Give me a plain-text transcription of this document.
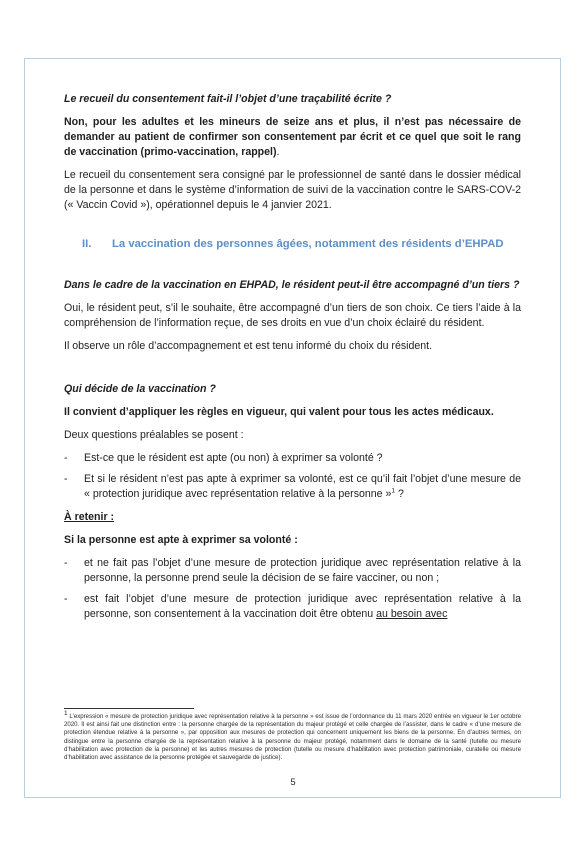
Le recueil du consentement fait-il l’objet d’une traçabilité écrite ?

Non, pour les adultes et les mineurs de seize ans et plus, il n’est pas nécessaire de demander au patient de confirmer son consentement par écrit et ce quel que soit le rang de vaccination (primo-vaccination, rappel).

Le recueil du consentement sera consigné par le professionnel de santé dans le dossier médical de la personne et dans le système d’information de suivi de la vaccination contre le SARS-COV-2 (« Vaccin Covid »), opérationnel depuis le 4 janvier 2021.

II.	La vaccination des personnes âgées, notamment des résidents d’EHPAD

Dans le cadre de la vaccination en EHPAD, le résident peut-il être accompagné d’un tiers ?

Oui, le résident peut, s’il le souhaite, être accompagné d’un tiers de son choix. Ce tiers l’aide à la compréhension de l’information reçue, de ses droits en vue d’un choix éclairé du résident.

Il observe un rôle d’accompagnement et est tenu informé du choix du résident.

Qui décide de la vaccination ?

Il convient d’appliquer les règles en vigueur, qui valent pour tous les actes médicaux.

Deux questions préalables se posent :

- Est-ce que le résident est apte (ou non) à exprimer sa volonté ?
- Et si le résident n’est pas apte à exprimer sa volonté, est ce qu’il fait l’objet d’une mesure de « protection juridique avec représentation relative à la personne »$^1$ ?

À retenir :

Si la personne est apte à exprimer sa volonté :

- et ne fait pas l’objet d’une mesure de protection juridique avec représentation relative à la personne, la personne prend seule la décision de se faire vacciner, ou non ;
- est fait l’objet d’une mesure de protection juridique avec représentation relative à la personne, son consentement à la vaccination doit être obtenu au besoin avec
$^1$ L’expression « mesure de protection juridique avec représentation relative à la personne » est issue de l’ordonnance du 11 mars 2020 entrée en vigueur le 1er octobre 2020. Il est ainsi fait une distinction entre : la personne chargée de la représentation du majeur protégé et celle chargée de l’assister, dans le cadre « d’une mesure de protection étendue relative à la personne », par opposition aux mesures de protection qui concernent uniquement les biens de la personne. En d’autres termes, on distingue entre la personne chargée de la représentation relative à la personne du majeur protégé, notamment dans le domaine de la santé (tutelle ou mesure d’habilitation avec protection de la personne) et les autres mesures de protection (tutelle ou mesure d’habilitation avec protection patrimoniale, curatelle ou mesure d’habilitation avec assistance de la personne protégée et sauvegarde de justice).
5
